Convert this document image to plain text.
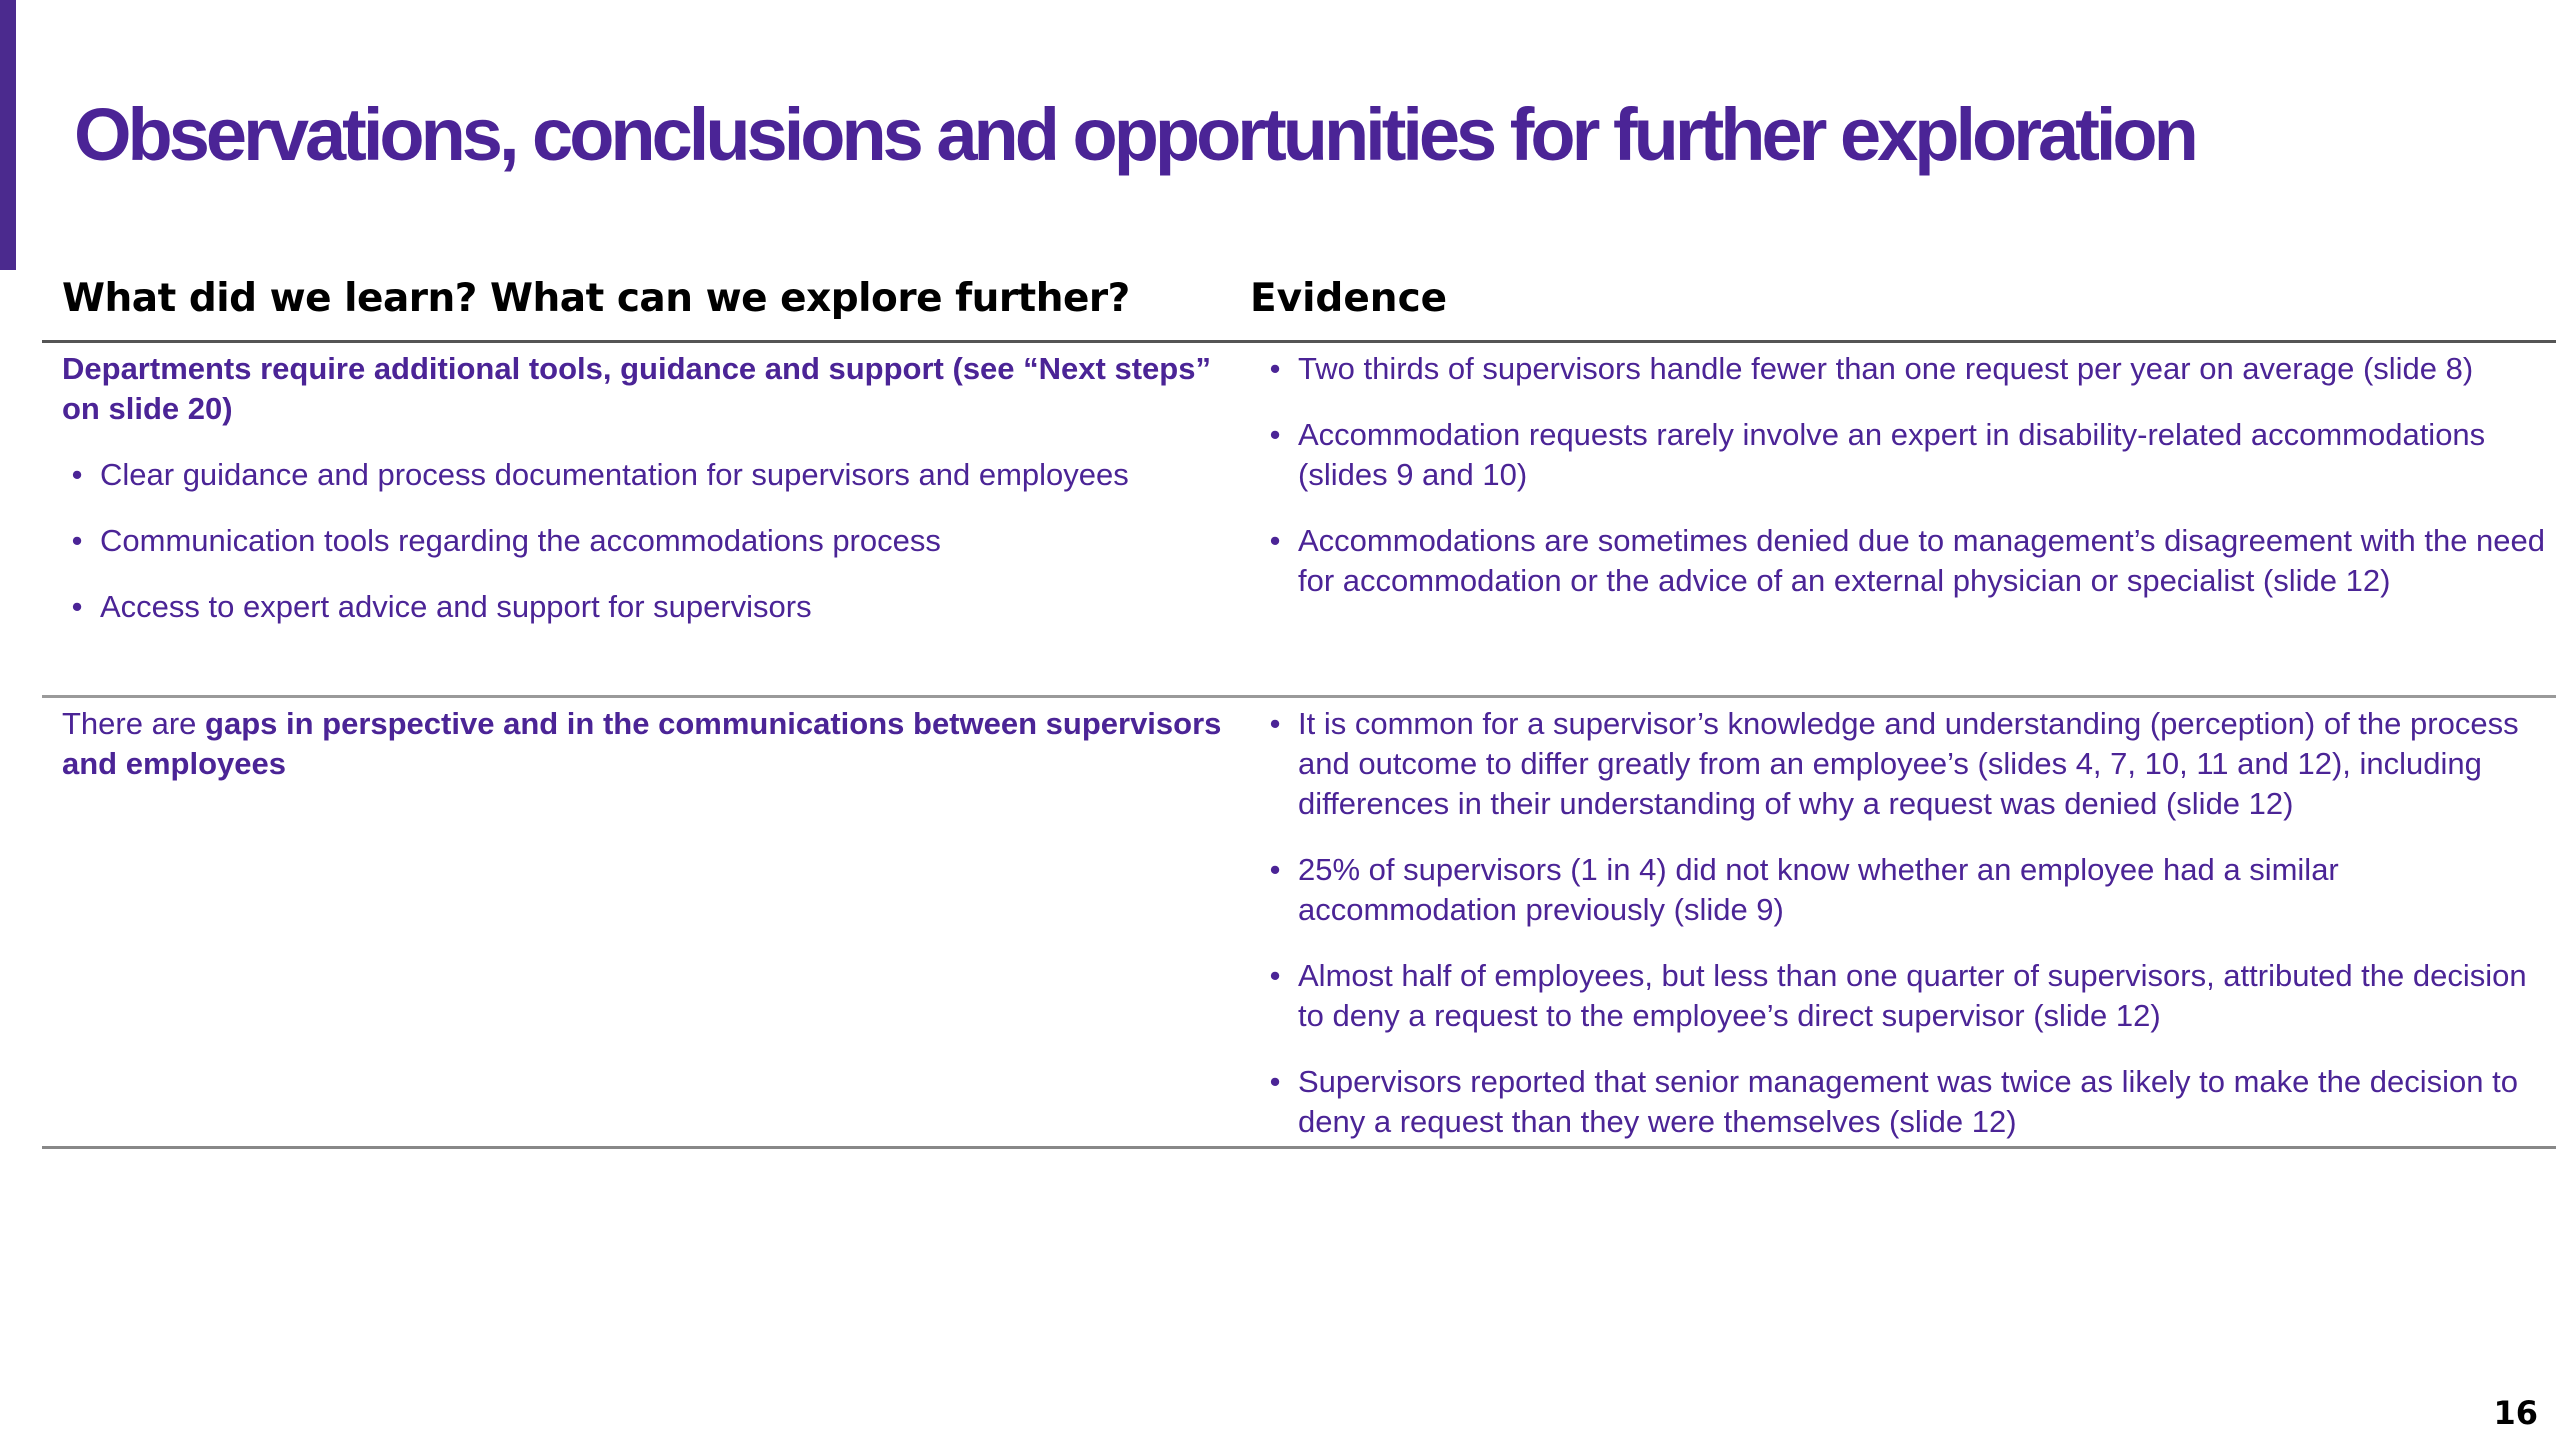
Observations, conclusions and opportunities for further exploration
What did we learn? What can we explore further?	Evidence

Departments require additional tools, guidance and support (see “Next steps” on slide 20)

• Clear guidance and process documentation for supervisors and employees
• Communication tools regarding the accommodations process
• Access to expert advice and support for supervisors
• Two thirds of supervisors handle fewer than one request per year on average (slide 8)
• Accommodation requests rarely involve an expert in disability-related accommodations (slides 9 and 10)
• Accommodations are sometimes denied due to management’s disagreement with the need for accommodation or the advice of an external physician or specialist (slide 12)

There are gaps in perspective and in the communications between supervisors and employees

• It is common for a supervisor’s knowledge and understanding (perception) of the process and outcome to differ greatly from an employee’s (slides 4, 7, 10, 11 and 12), including differences in their understanding of why a request was denied (slide 12)
• 25% of supervisors (1 in 4) did not know whether an employee had a similar accommodation previously (slide 9)
• Almost half of employees, but less than one quarter of supervisors, attributed the decision to deny a request to the employee’s direct supervisor (slide 12)
• Supervisors reported that senior management was twice as likely to make the decision to deny a request than they were themselves (slide 12)
16
